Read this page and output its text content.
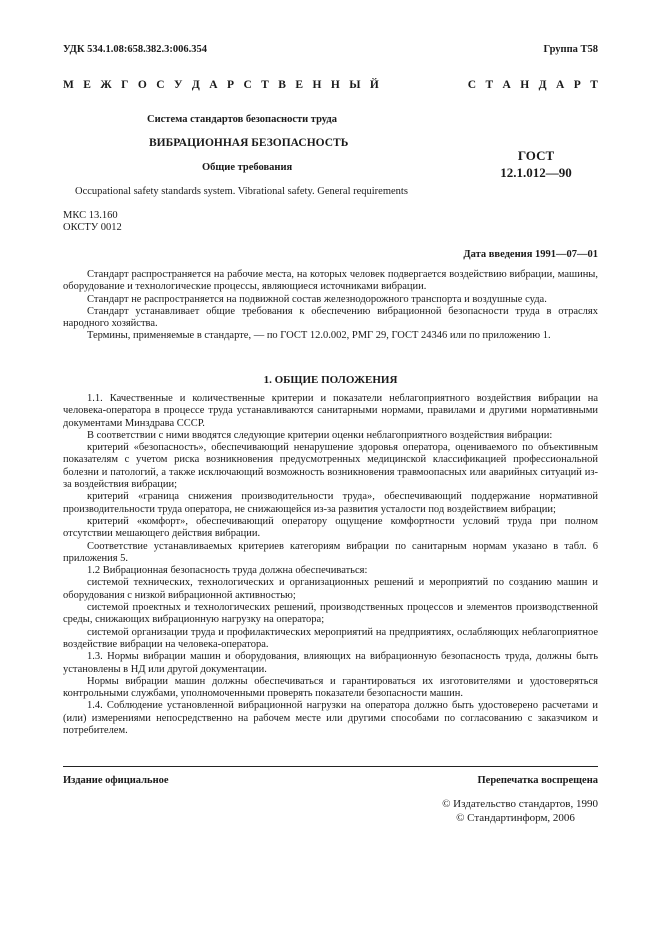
УДК 534.1.08:658.382.3:006.354	Группа Т58
М Е Ж Г О С У Д А Р С Т В Е Н Н Ы Й	С Т А Н Д А Р Т
Система стандартов безопасности труда
ВИБРАЦИОННАЯ БЕЗОПАСНОСТЬ
Общие требования
ГОСТ
12.1.012—90
Occupational safety standards system. Vibrational safety. General requirements
МКС 13.160
ОКСТУ 0012
Дата введения 1991—07—01

Стандарт распространяется на рабочие места, на которых человек подвергается воздействию вибрации, машины, оборудование и технологические процессы, являющиеся источниками вибрации.

Стандарт не распространяется на подвижной состав железнодорожного транспорта и воздушные суда.

Стандарт устанавливает общие требования к обеспечению вибрационной безопасности труда в отраслях народного хозяйства.

Термины, применяемые в стандарте, — по ГОСТ 12.0.002, РМГ 29, ГОСТ 24346 или по приложению 1.

1. ОБЩИЕ ПОЛОЖЕНИЯ

1.1. Качественные и количественные критерии и показатели неблагоприятного воздействия вибрации на человека-оператора в процессе труда устанавливаются санитарными нормами, правилами и другими нормативными документами Минздрава СССР.

В соответствии с ними вводятся следующие критерии оценки неблагоприятного воздействия вибрации:

критерий «безопасность», обеспечивающий ненарушение здоровья оператора, оцениваемого по объективным показателям с учетом риска возникновения предусмотренных медицинской классификацией профессиональной болезни и патологий, а также исключающий возможность возникновения травмоопасных или аварийных ситуаций из-за воздействия вибрации;

критерий «граница снижения производительности труда», обеспечивающий поддержание нормативной производительности труда оператора, не снижающейся из-за развития усталости под воздействием вибрации;

критерий «комфорт», обеспечивающий оператору ощущение комфортности условий труда при полном отсутствии мешающего действия вибрации.

Соответствие устанавливаемых критериев категориям вибрации по санитарным нормам указано в табл. 6 приложения 5.

1.2 Вибрационная безопасность труда должна обеспечиваться:

системой технических, технологических и организационных решений и мероприятий по созданию машин и оборудования с низкой вибрационной активностью;

системой проектных и технологических решений, производственных процессов и элементов производственной среды, снижающих вибрационную нагрузку на оператора;

системой организации труда и профилактических мероприятий на предприятиях, ослабляющих неблагоприятное воздействие вибрации на человека-оператора.

1.3. Нормы вибрации машин и оборудования, влияющих на вибрационную безопасность труда, должны быть установлены в НД или другой документации.

Нормы вибрации машин должны обеспечиваться и гарантироваться их изготовителями и удостоверяться контрольными службами, уполномоченными проверять показатели безопасности машин.

1.4. Соблюдение установленной вибрационной нагрузки на оператора должно быть удостоверено расчетами и (или) измерениями непосредственно на рабочем месте или другими способами по согласованию с заказчиком и потребителем.

Издание официальное	Перепечатка воспрещена
© Издательство стандартов, 1990
© Стандартинформ, 2006
